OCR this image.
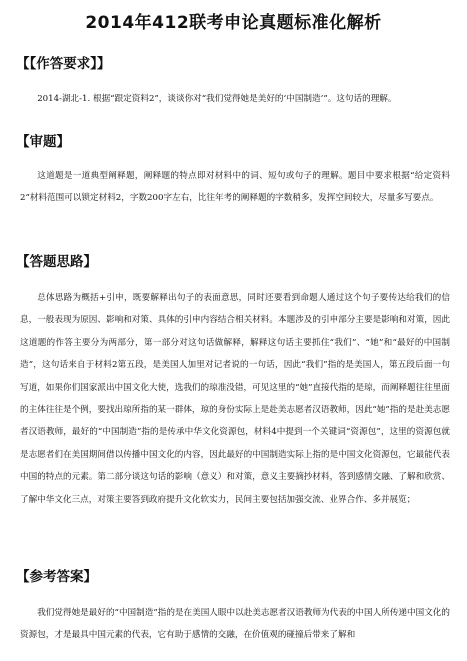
2014年412联考申论真题标准化解析
【【作答要求】】
2014-湖北-1. 根据“跟定资料2”，谈谈你对“我们觉得她是美好的‘中国制造’”。这句话的理解。
【审题】
这道题是一道典型阐释题，阐释题的特点即对材料中的词、短句或句子的理解。题目中要求根据“给定资料2”材料范围可以锁定材料2，字数200字左右，比往年考的阐释题的字数稍多，发挥空间较大，尽量多写要点。
【答题思路】
总体思路为概括+引申，既要解释出句子的表面意思，同时还要看到命题人通过这个句子要传达给我们的信息，一般表现为原因、影响和对策、具体的引申内容结合相关材料。本题涉及的引申部分主要是影响和对策，因此这道题的作答主要分为两部分，第一部分对这句话做解释，解释这句话主要抓住“我们”、“她”和“最好的中国制造”，这句话来自于材料2第五段，是美国人加里对记者说的一句话，因此“我们”指的是美国人，第五段后面一句写道，如果你们国家派出中国文化大使，选我们的琼准没错，可见这里的“她”直接代指的是琼，而阐释题往往里面的主体往往是个例，要找出琼所指的某一群体，琼的身份实际上是赴美志愿者汉语教师，因此“她”指的是赴美志愿者汉语教师，最好的“中国制造”指的是传承中华文化资源包，材料4中提到一个关键词“资源包”，这里的资源包就是志愿者们在美国期间借以传播中国文化的内容，因此最好的中国制造实际上指的是中国文化资源包，它最能代表中国的特点的元素。第二部分谈这句话的影响（意义）和对策，意义主要摘抄材料，答到感情交融、了解和欣赏、了解中华文化三点，对策主要答到政府提升文化软实力，民间主要包括加强交流、业界合作、多并展览；
【参考答案】
我们觉得她是最好的“中国制造”指的是在美国人眼中以赴美志愿者汉语教师为代表的中国人所传递中国文化的资源包，才是最具中国元素的代表，它有助于感情的交融，在价值观的碰撞后带来了解和
